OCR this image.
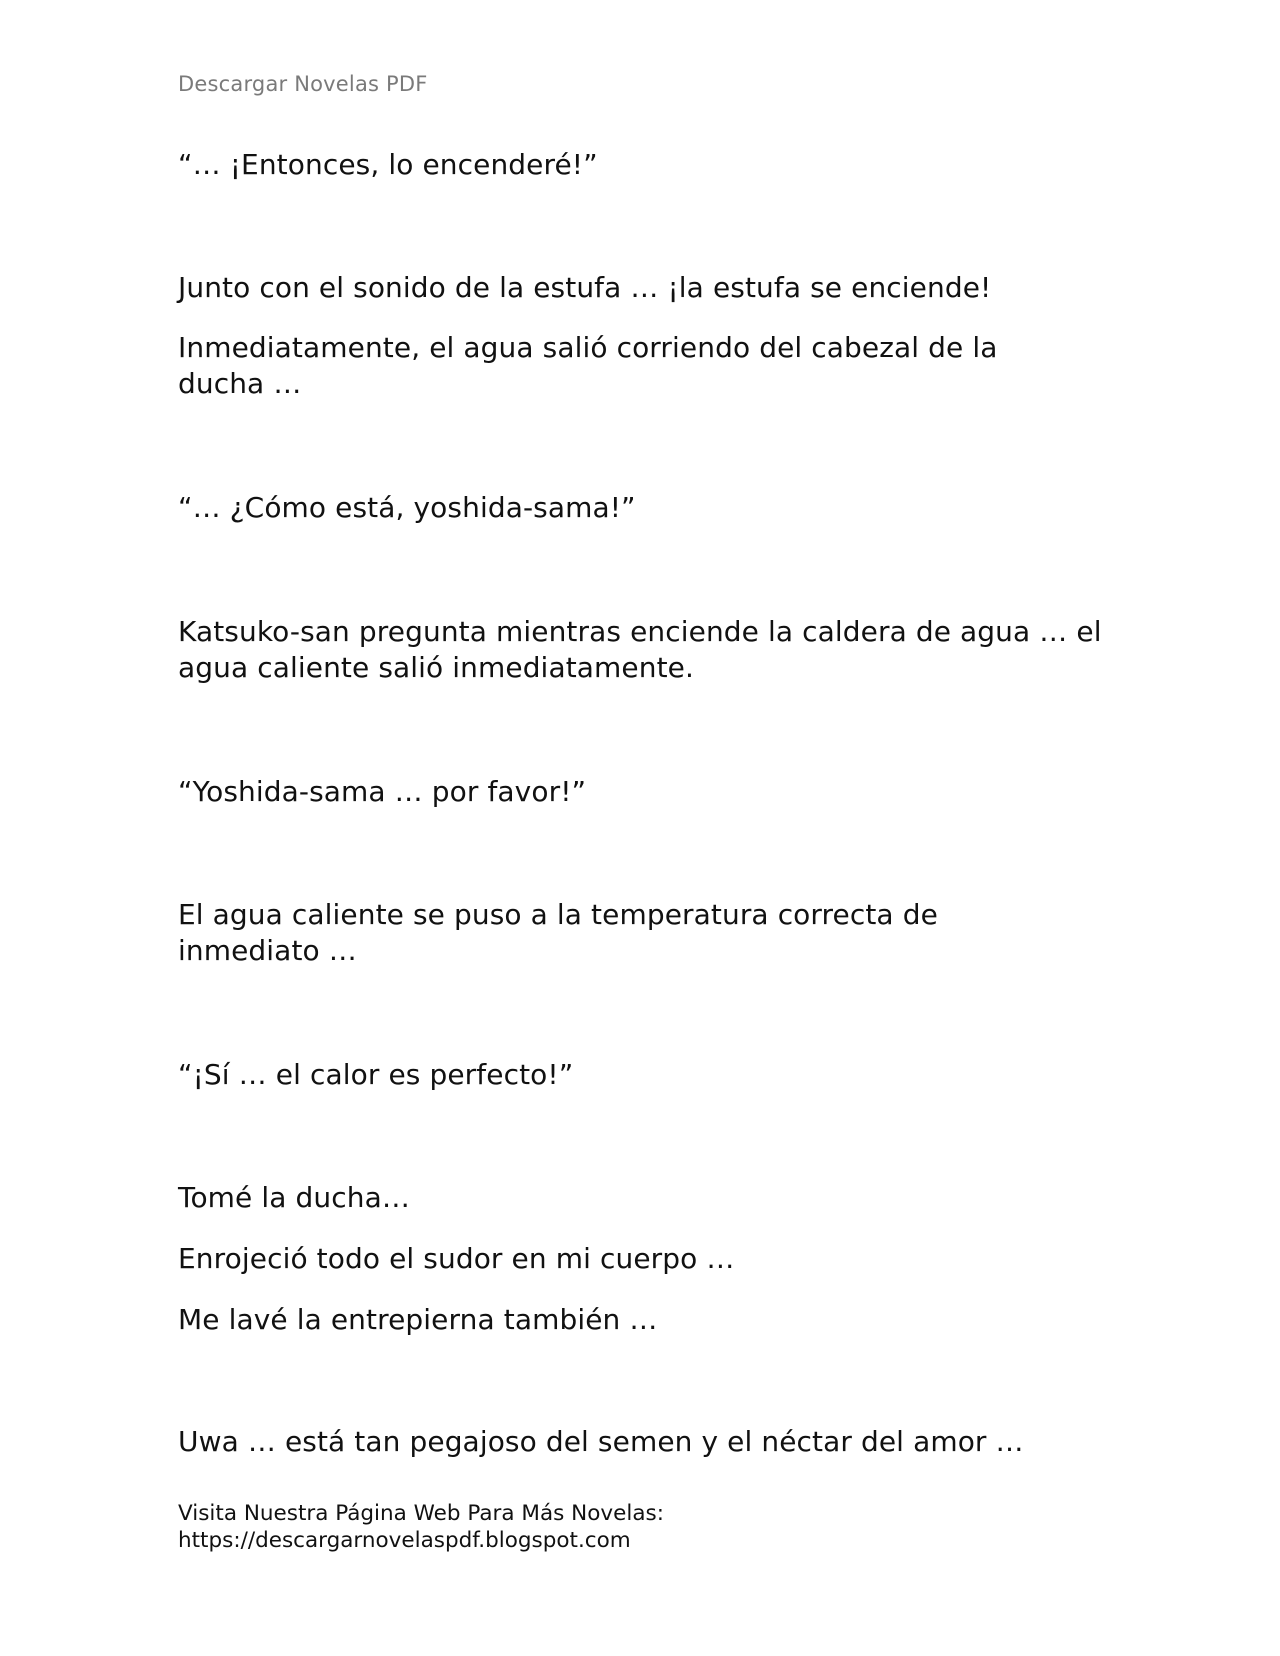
Descargar Novelas PDF

“… ¡Entonces, lo encenderé!”

Junto con el sonido de la estufa … ¡la estufa se enciende!

Inmediatamente, el agua salió corriendo del cabezal de la ducha …

“… ¿Cómo está, yoshida-sama!”

Katsuko-san pregunta mientras enciende la caldera de agua … el agua caliente salió inmediatamente.

“Yoshida-sama … por favor!”

El agua caliente se puso a la temperatura correcta de inmediato …

“¡Sí … el calor es perfecto!”

Tomé la ducha…

Enrojeció todo el sudor en mi cuerpo …

Me lavé la entrepierna también …

Uwa … está tan pegajoso del semen y el néctar del amor …

Visita Nuestra Página Web Para Más Novelas:
https://descargarnovelaspdf.blogspot.com
